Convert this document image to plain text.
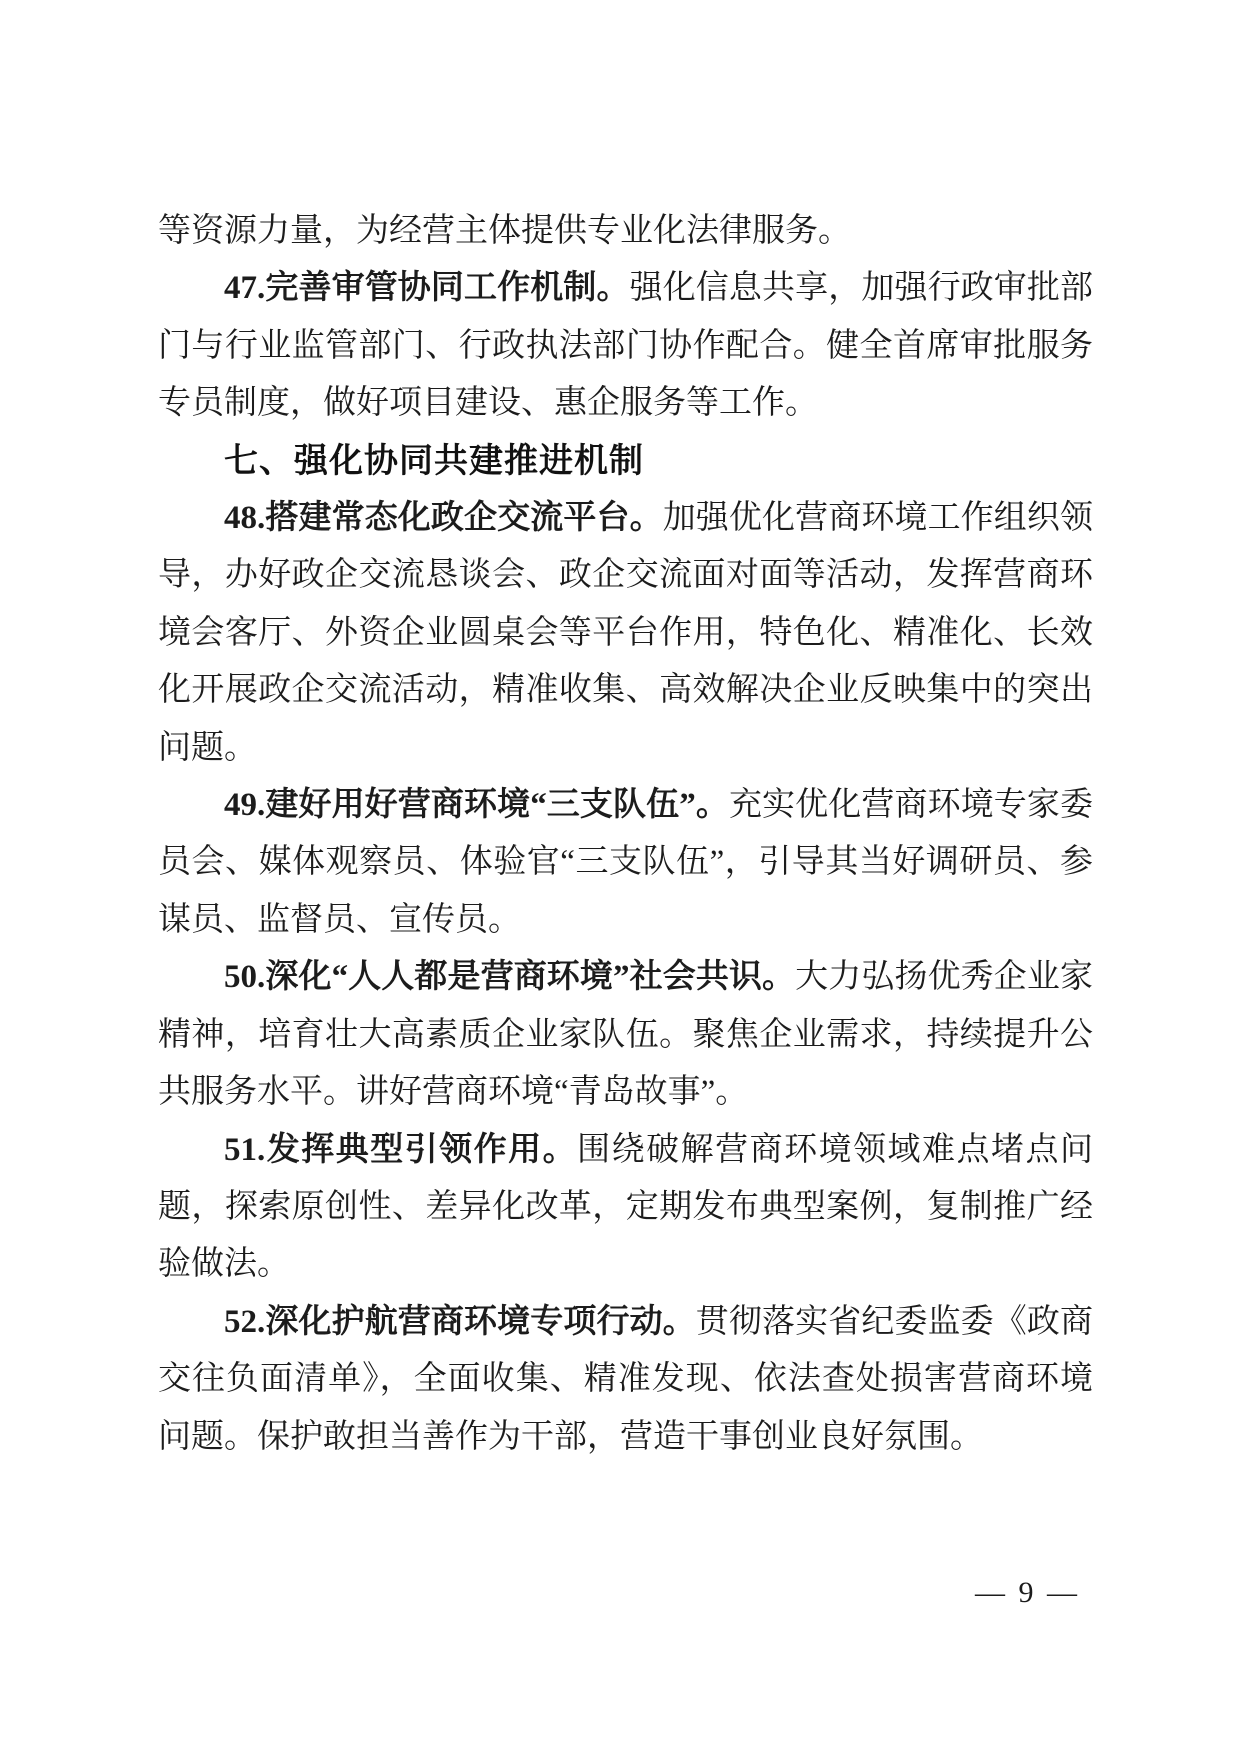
等资源力量，为经营主体提供专业化法律服务。

47.完善审管协同工作机制。强化信息共享，加强行政审批部门与行业监管部门、行政执法部门协作配合。健全首席审批服务专员制度，做好项目建设、惠企服务等工作。

七、强化协同共建推进机制

48.搭建常态化政企交流平台。加强优化营商环境工作组织领导，办好政企交流恳谈会、政企交流面对面等活动，发挥营商环境会客厅、外资企业圆桌会等平台作用，特色化、精准化、长效化开展政企交流活动，精准收集、高效解决企业反映集中的突出问题。

49.建好用好营商环境“三支队伍”。充实优化营商环境专家委员会、媒体观察员、体验官“三支队伍”，引导其当好调研员、参谋员、监督员、宣传员。

50.深化“人人都是营商环境”社会共识。大力弘扬优秀企业家精神，培育壮大高素质企业家队伍。聚焦企业需求，持续提升公共服务水平。讲好营商环境“青岛故事”。

51.发挥典型引领作用。围绕破解营商环境领域难点堵点问题，探索原创性、差异化改革，定期发布典型案例，复制推广经验做法。

52.深化护航营商环境专项行动。贯彻落实省纪委监委《政商交往负面清单》，全面收集、精准发现、依法查处损害营商环境问题。保护敢担当善作为干部，营造干事创业良好氛围。

— 9 —
